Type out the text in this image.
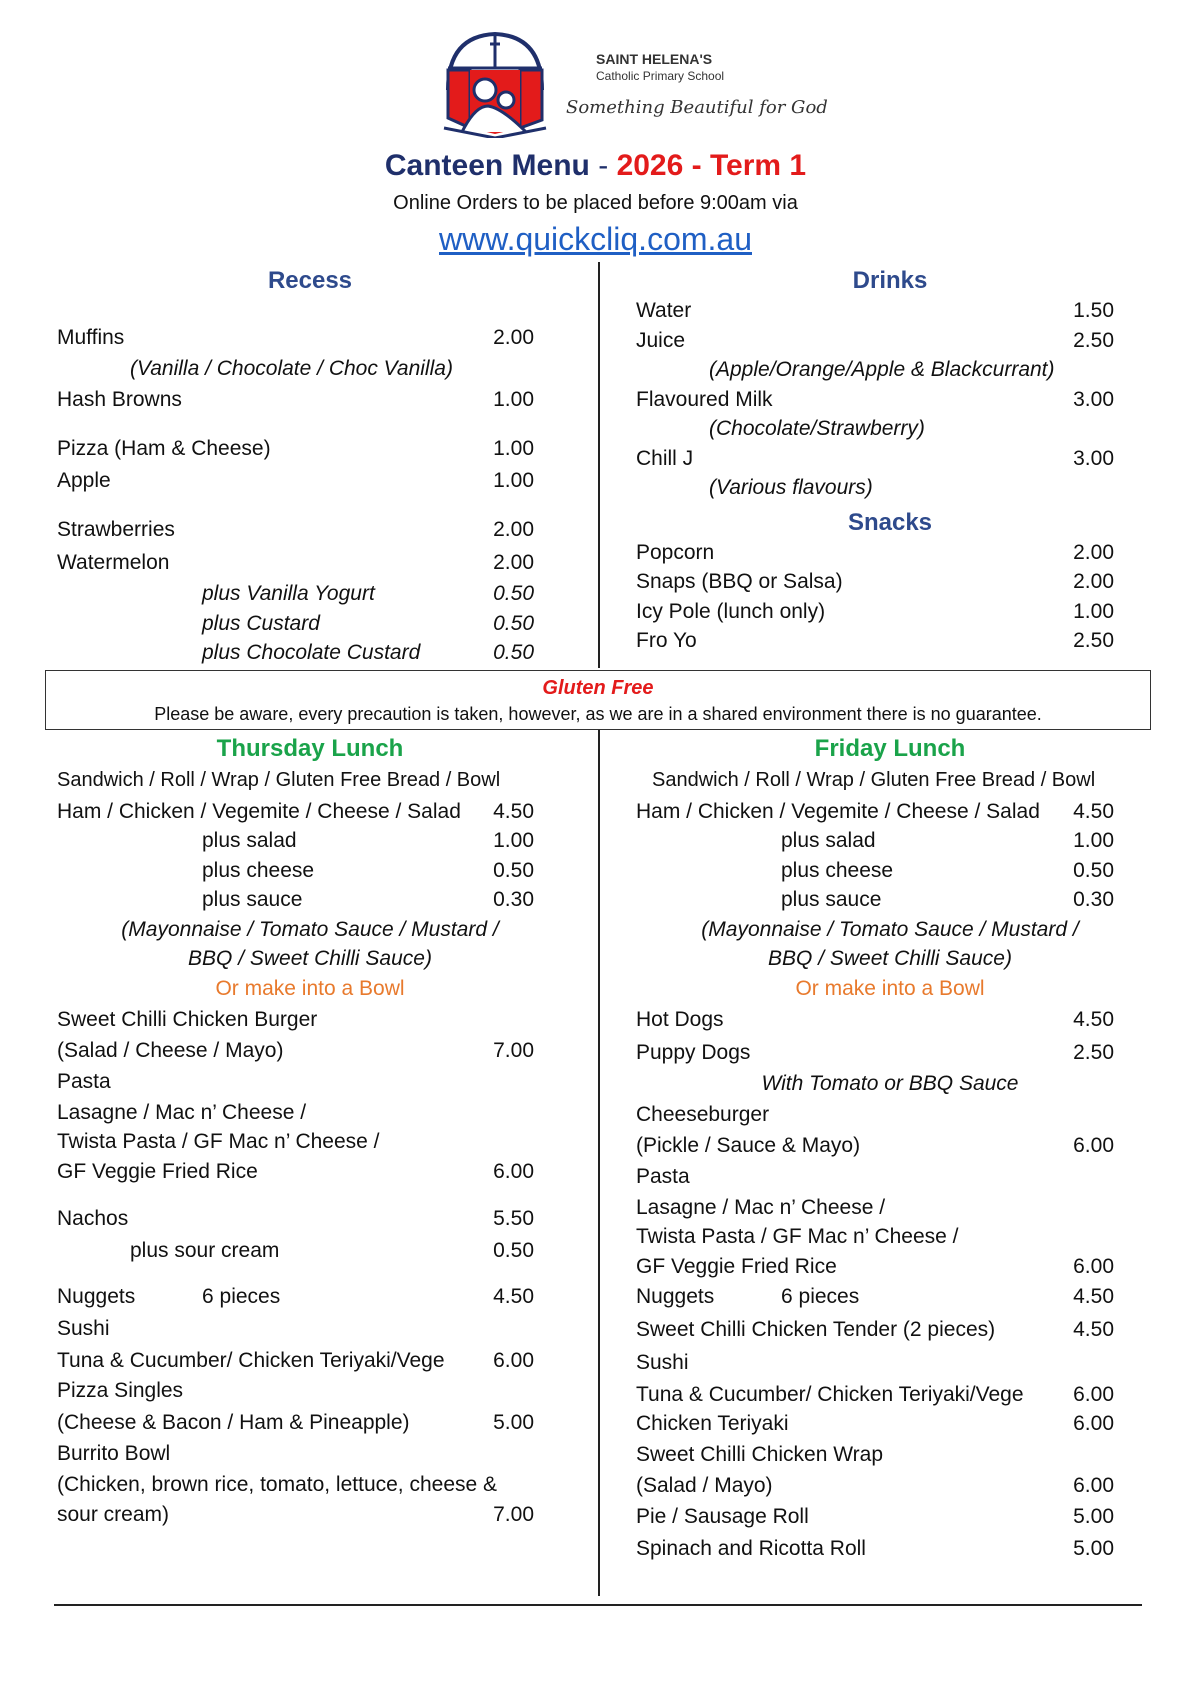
SAINT HELENA'S
Catholic Primary School
Something Beautiful for God
Canteen Menu - 2026 - Term 1
Online Orders to be placed before 9:00am via
www.quickcliq.com.au
Recess
Muffins	2.00
(Vanilla / Chocolate / Choc Vanilla)
Hash Browns	1.00
Pizza (Ham & Cheese)	1.00
Apple	1.00
Strawberries	2.00
Watermelon	2.00
plus Vanilla Yogurt	0.50
plus Custard	0.50
plus Chocolate Custard	0.50
Drinks
Water	1.50
Juice	2.50
(Apple/Orange/Apple & Blackcurrant)
Flavoured Milk	3.00
(Chocolate/Strawberry)
Chill J	3.00
(Various flavours)
Snacks
Popcorn	2.00
Snaps (BBQ or Salsa)	2.00
Icy Pole (lunch only)	1.00
Fro Yo	2.50
Gluten Free
Please be aware, every precaution is taken, however, as we are in a shared environment there is no guarantee.
Thursday Lunch
Sandwich / Roll / Wrap / Gluten Free Bread / Bowl
Ham / Chicken / Vegemite / Cheese / Salad	4.50
plus salad	1.00
plus cheese	0.50
plus sauce	0.30
(Mayonnaise / Tomato Sauce / Mustard /
BBQ / Sweet Chilli Sauce)
Or make into a Bowl
Sweet Chilli Chicken Burger
(Salad / Cheese / Mayo)	7.00
Pasta
Lasagne / Mac n’ Cheese /
Twista Pasta / GF Mac n’ Cheese /
GF Veggie Fried Rice	6.00
Nachos	5.50
plus sour cream	0.50
Nuggets	6 pieces	4.50
Sushi
Tuna & Cucumber/ Chicken Teriyaki/Vege	6.00
Pizza Singles
(Cheese & Bacon / Ham & Pineapple)	5.00
Burrito Bowl
(Chicken, brown rice, tomato, lettuce, cheese &
sour cream)	7.00
Friday Lunch
Sandwich / Roll / Wrap / Gluten Free Bread / Bowl
Ham / Chicken / Vegemite / Cheese / Salad	4.50
plus salad	1.00
plus cheese	0.50
plus sauce	0.30
(Mayonnaise / Tomato Sauce / Mustard /
BBQ / Sweet Chilli Sauce)
Or make into a Bowl
Hot Dogs	4.50
Puppy Dogs	2.50
With Tomato or BBQ Sauce
Cheeseburger
(Pickle / Sauce & Mayo)	6.00
Pasta
Lasagne / Mac n’ Cheese /
Twista Pasta / GF Mac n’ Cheese /
GF Veggie Fried Rice	6.00
Nuggets	6 pieces	4.50
Sweet Chilli Chicken Tender (2 pieces)	4.50
Sushi
Tuna & Cucumber/ Chicken Teriyaki/Vege	6.00
Chicken Teriyaki	6.00
Sweet Chilli Chicken Wrap
(Salad / Mayo)	6.00
Pie / Sausage Roll	5.00
Spinach and Ricotta Roll	5.00
